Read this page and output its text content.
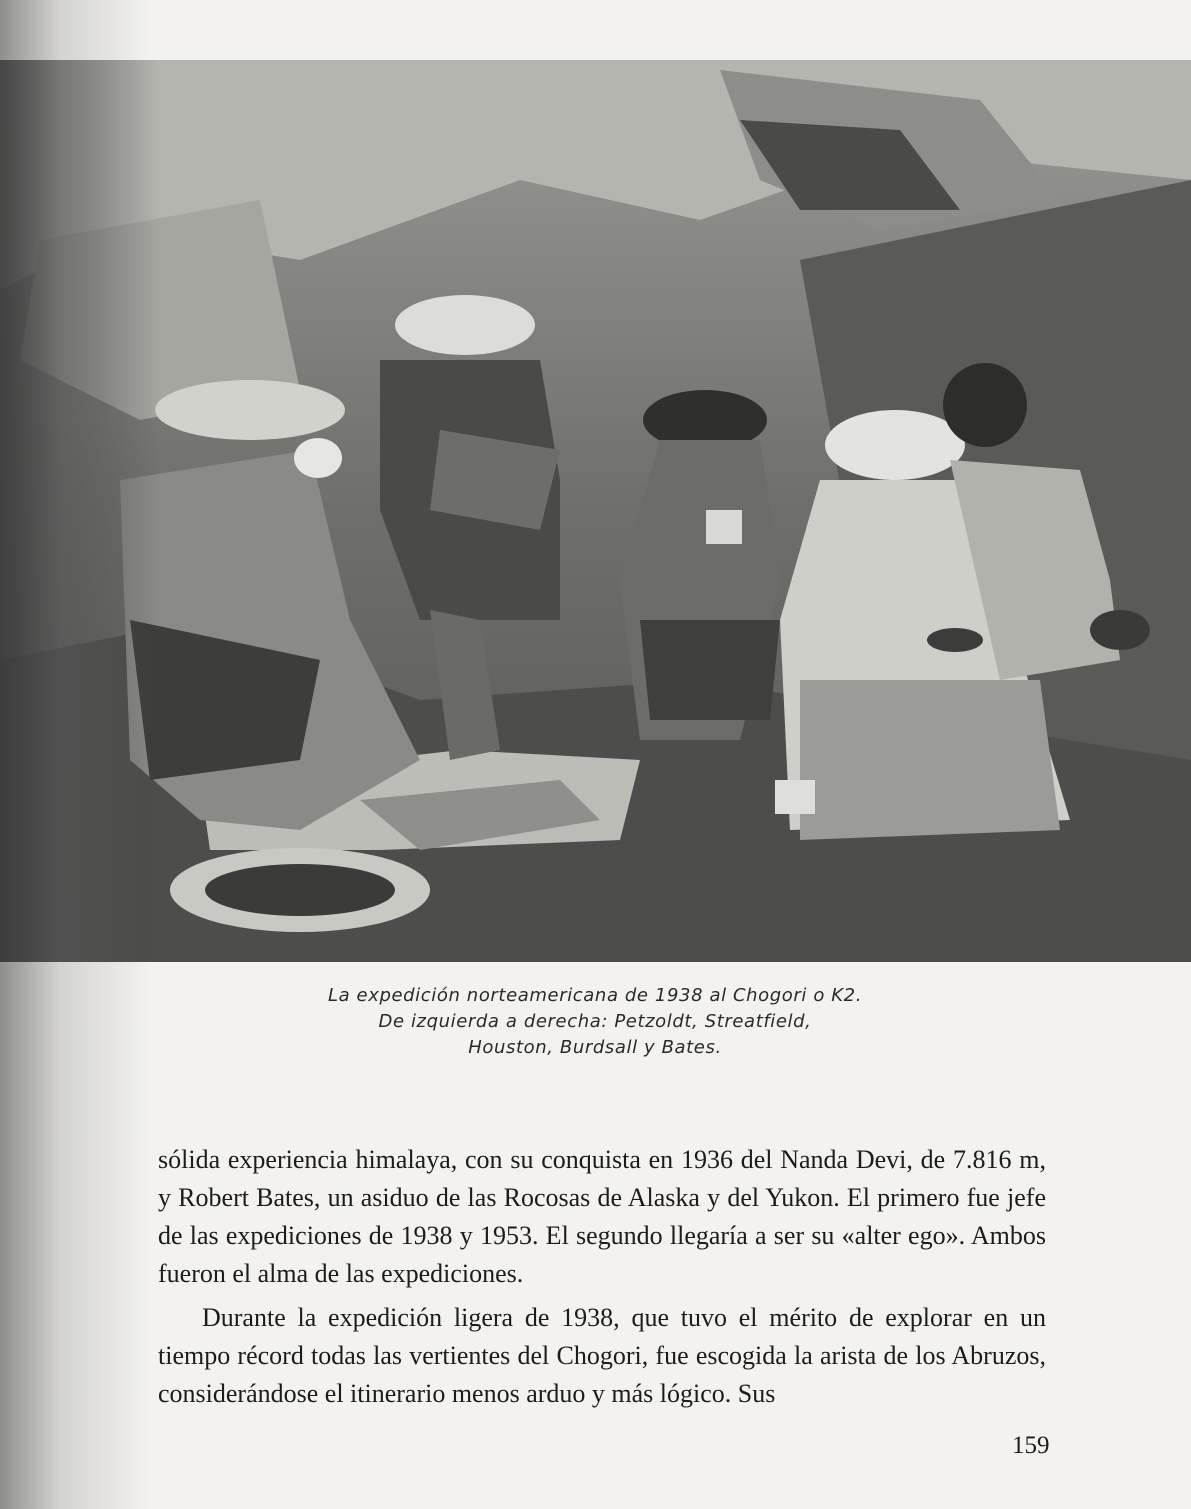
La expedición norteamericana de 1938 al Chogori o K2.
De izquierda a derecha: Petzoldt, Streatfield,
Houston, Burdsall y Bates.

sólida experiencia himalaya, con su conquista en 1936 del Nanda Devi, de 7.816 m, y Robert Bates, un asiduo de las Rocosas de Alaska y del Yukon. El primero fue jefe de las expediciones de 1938 y 1953. El segundo llegaría a ser su «alter ego». Ambos fueron el alma de las expediciones.

Durante la expedición ligera de 1938, que tuvo el mérito de explorar en un tiempo récord todas las vertientes del Chogori, fue escogida la arista de los Abruzos, considerándose el itinerario menos arduo y más lógico. Sus

159
